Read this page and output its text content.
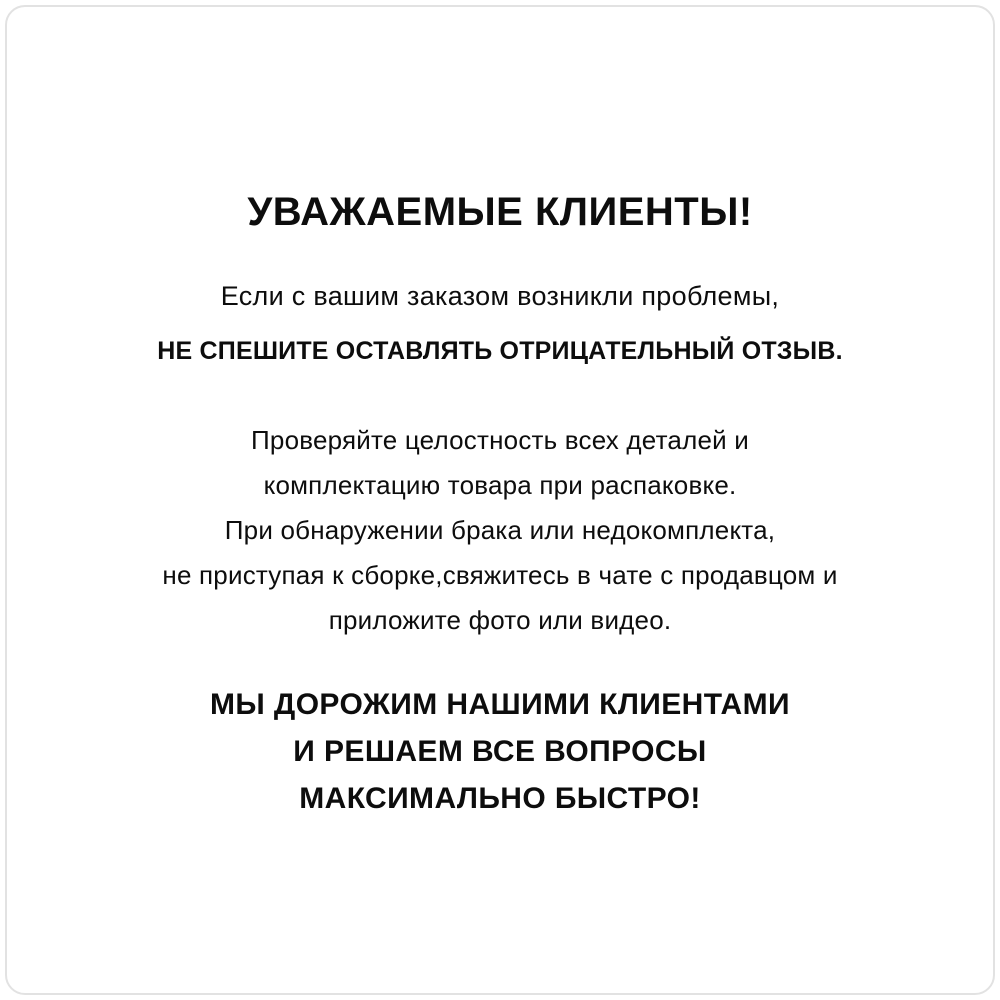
УВАЖАЕМЫЕ КЛИЕНТЫ!

Если с вашим заказом возникли проблемы,

НЕ СПЕШИТЕ ОСТАВЛЯТЬ ОТРИЦАТЕЛЬНЫЙ ОТЗЫВ.

Проверяйте целостность всех деталей и
комплектацию товара при распаковке.
При обнаружении брака или недокомплекта,
не приступая к сборке,свяжитесь в чате с продавцом и
приложите фото или видео.
МЫ ДОРОЖИМ НАШИМИ КЛИЕНТАМИ
И РЕШАЕМ ВСЕ ВОПРОСЫ
МАКСИМАЛЬНО БЫСТРО!
